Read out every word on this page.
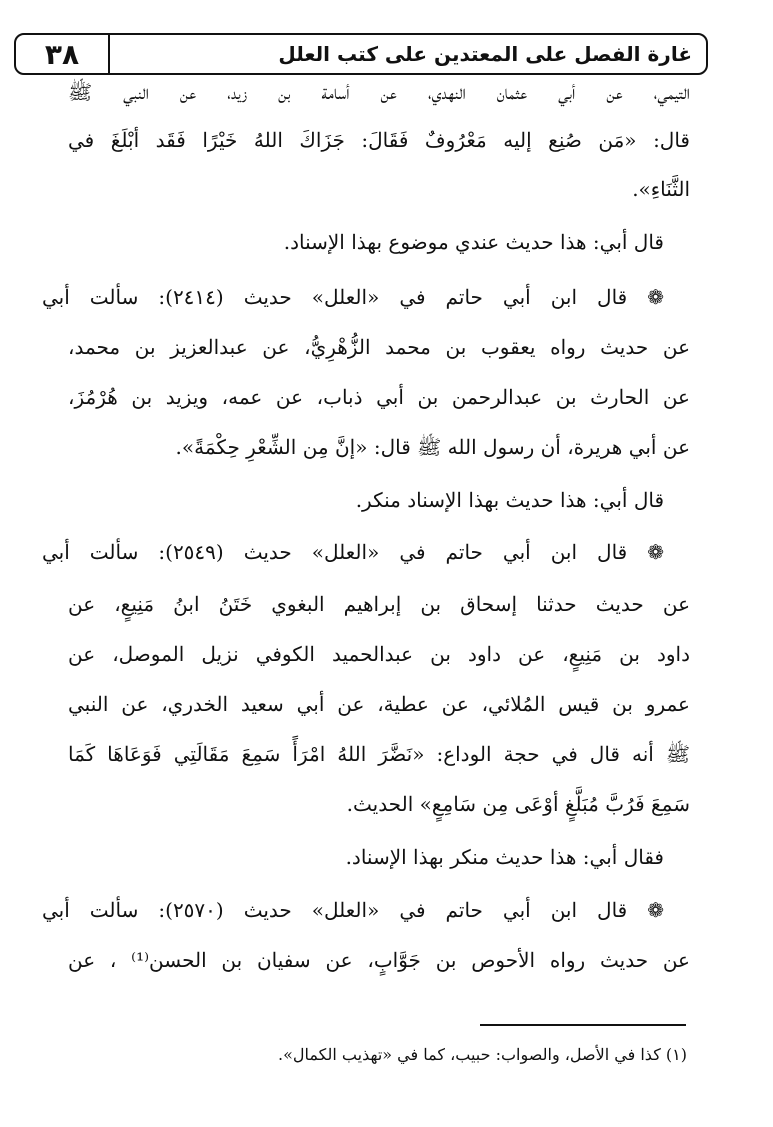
٣٨	غارة الفصل على المعتدين على كتب العلل
التيمي، عن أبي عثمان النهدي، عن أسامة بن زيد، عن النبي ﷺ
قال: «مَن صُنِع إليه مَعْرُوفٌ فَقَالَ: جَزَاكَ اللهُ خَيْرًا فَقَد أبْلَغَ في
الثَّنَاءِ».
قال أبي: هذا حديث عندي موضوع بهذا الإسناد.
❁ قال ابن أبي حاتم في «العلل» حديث (٢٤١٤): سألت أبي
عن حديث رواه يعقوب بن محمد الزُّهْرِيُّ، عن عبدالعزيز بن محمد،
عن الحارث بن عبدالرحمن بن أبي ذباب، عن عمه، ويزيد بن هُرْمُزَ،
عن أبي هريرة، أن رسول الله ﷺ قال: «إنَّ مِن الشِّعْرِ حِكْمَةً».
قال أبي: هذا حديث بهذا الإسناد منكر.
❁ قال ابن أبي حاتم في «العلل» حديث (٢٥٤٩): سألت أبي
عن حديث حدثنا إسحاق بن إبراهيم البغوي خَتَنُ ابنُ مَنِيعٍ، عن
داود بن مَنِيعٍ، عن داود بن عبدالحميد الكوفي نزيل الموصل، عن
عمرو بن قيس المُلائي، عن عطية، عن أبي سعيد الخدري، عن النبي
ﷺ أنه قال في حجة الوداع: «نَضَّرَ اللهُ امْرَأً سَمِعَ مَقَالَتِي فَوَعَاهَا كَمَا
سَمِعَ فَرُبَّ مُبَلَّغٍ أوْعَى مِن سَامِعٍ» الحديث.
فقال أبي: هذا حديث منكر بهذا الإسناد.
❁ قال ابن أبي حاتم في «العلل» حديث (٢٥٧٠): سألت أبي
عن حديث رواه الأحوص بن جَوَّابٍ، عن سفيان بن الحسن⁽¹⁾ ، عن
(١) كذا في الأصل، والصواب: حبيب، كما في «تهذيب الكمال».
